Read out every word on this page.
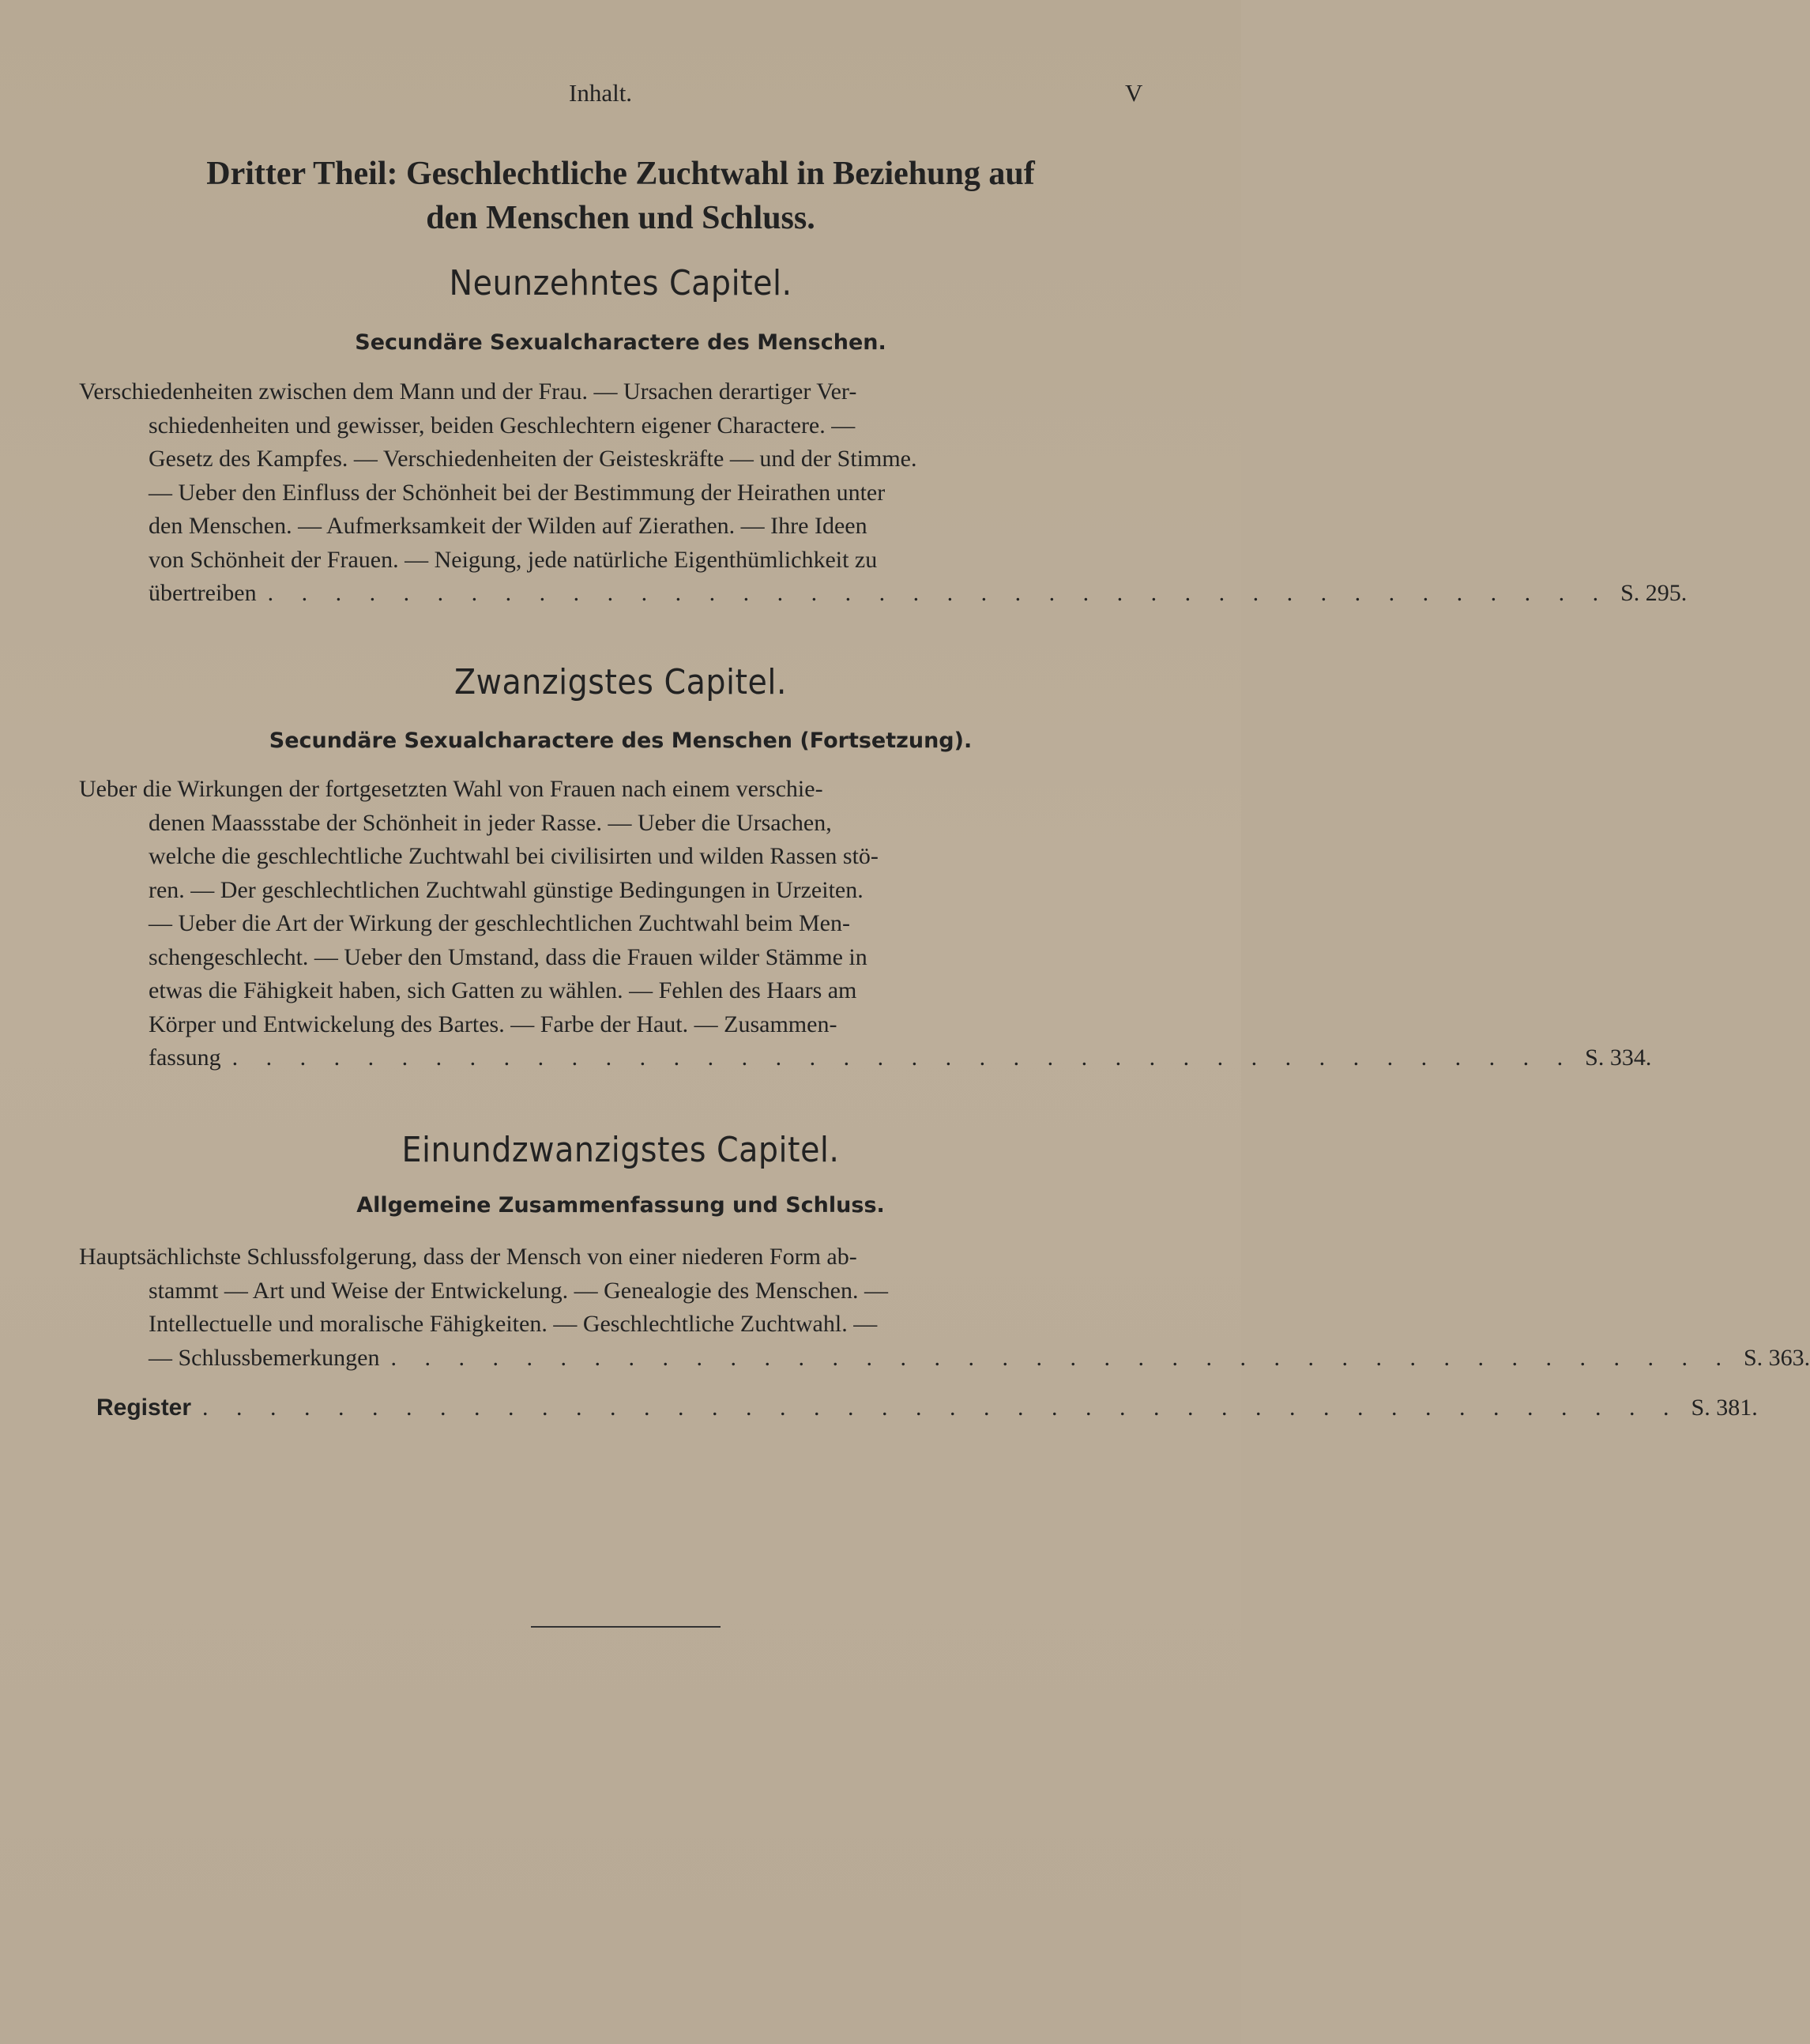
Inhalt.	V
Dritter Theil: Geschlechtliche Zuchtwahl in Beziehung auf
den Menschen und Schluss.
Neunzehntes Capitel.
Secundäre Sexualcharactere des Menschen.
Verschiedenheiten zwischen dem Mann und der Frau. — Ursachen derartiger Ver-
schiedenheiten und gewisser, beiden Geschlechtern eigener Charactere. —
Gesetz des Kampfes. — Verschiedenheiten der Geisteskräfte — und der Stimme.
— Ueber den Einfluss der Schönheit bei der Bestimmung der Heirathen unter
den Menschen. — Aufmerksamkeit der Wilden auf Zierathen. — Ihre Ideen
von Schönheit der Frauen. — Neigung, jede natürliche Eigenthümlichkeit zu
übertreiben . . . . . . . . . . . . . . . . . . . . . . . . . . . . . . . . . . . . . . . . S. 295.
Zwanzigstes Capitel.
Secundäre Sexualcharactere des Menschen (Fortsetzung).
Ueber die Wirkungen der fortgesetzten Wahl von Frauen nach einem verschie-
denen Maassstabe der Schönheit in jeder Rasse. — Ueber die Ursachen,
welche die geschlechtliche Zuchtwahl bei civilisirten und wilden Rassen stö-
ren. — Der geschlechtlichen Zuchtwahl günstige Bedingungen in Urzeiten.
— Ueber die Art der Wirkung der geschlechtlichen Zuchtwahl beim Men-
schengeschlecht. — Ueber den Umstand, dass die Frauen wilder Stämme in
etwas die Fähigkeit haben, sich Gatten zu wählen. — Fehlen des Haars am
Körper und Entwickelung des Bartes. — Farbe der Haut. — Zusammen-
fassung . . . . . . . . . . . . . . . . . . . . . . . . . . . . . . . . . . . . . . . . S. 334.
Einundzwanzigstes Capitel.
Allgemeine Zusammenfassung und Schluss.
Hauptsächlichste Schlussfolgerung, dass der Mensch von einer niederen Form ab-
stammt — Art und Weise der Entwickelung. — Genealogie des Menschen. —
Intellectuelle und moralische Fähigkeiten. — Geschlechtliche Zuchtwahl. —
— Schlussbemerkungen . . . . . . . . . . . . . . . . . . . . . . . . . . . . . . . . . . . . . . . . S. 363.
Register . . . . . . . . . . . . . . . . . . . . . . . . . . . . . . . . . . . . . . . . . . . . S. 381.
